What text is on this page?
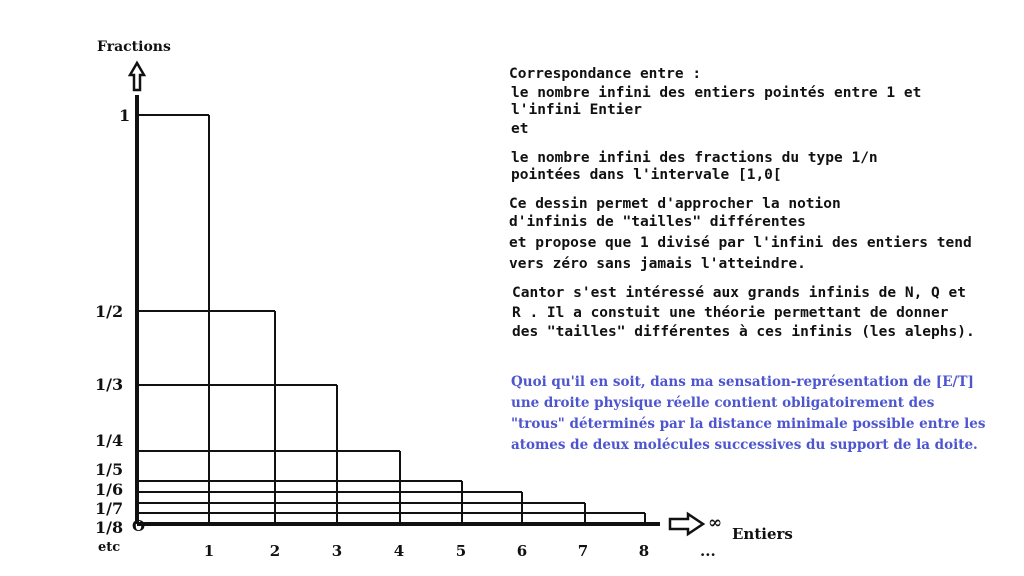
Fractions
Entiers
∞
O
1
1/2
1/3
1/4
1/5
1/6
1/7
1/8
etc	1	2	3	4	5	6	7	8	...
Correspondance entre :
le nombre infini des entiers pointés entre 1 et
l'infini Entier
et
le nombre infini des fractions du type 1/n
pointées dans l'intervale [1,0[
Ce dessin permet d'approcher la notion
d'infinis de "tailles" différentes
et propose que 1 divisé par l'infini des entiers tend
vers zéro sans jamais l'atteindre.
Cantor s'est intéressé aux grands infinis de N, Q et
R . Il a constuit une théorie permettant de donner
des "tailles" différentes à ces infinis (les alephs).
Quoi qu'il en soit, dans ma sensation-représentation de [E/T]
une droite physique réelle contient obligatoirement des
"trous" déterminés par la distance minimale possible entre les
atomes de deux molécules successives du support de la doite.
